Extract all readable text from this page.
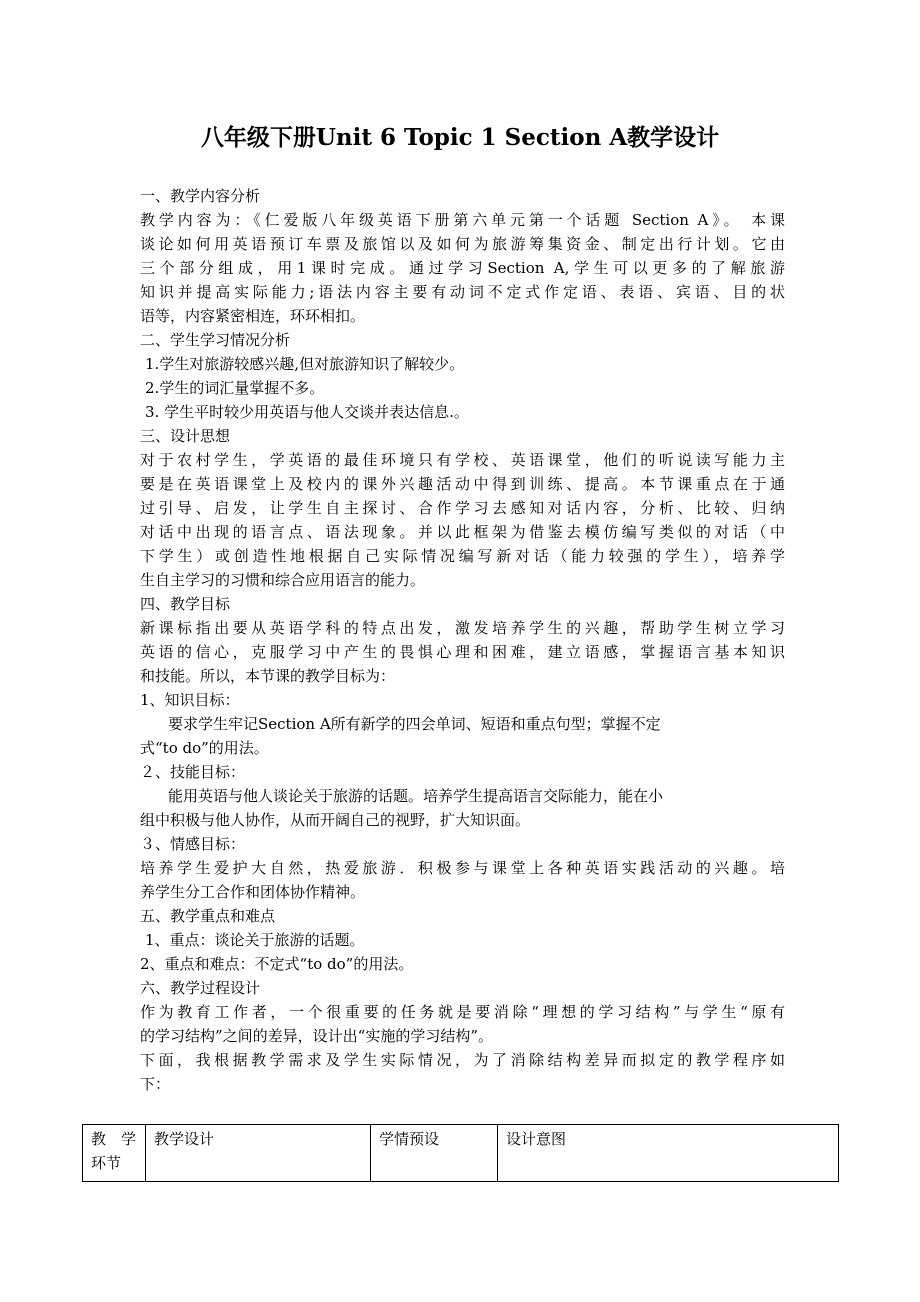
八年级下册Unit 6 Topic 1 Section A教学设计
一、教学内容分析
教学内容为：《仁爱版八年级英语下册第六单元第一个话题 Section A》。 本课
谈论如何用英语预订车票及旅馆以及如何为旅游筹集资金、制定出行计划。它由
三个部分组成，用1课时完成。通过学习Section A,学生可以更多的了解旅游
知识并提高实际能力;语法内容主要有动词不定式作定语、表语、宾语、目的状
语等，内容紧密相连，环环相扣。
二、学生学习情况分析
1.学生对旅游较感兴趣,但对旅游知识了解较少。
2.学生的词汇量掌握不多。
3. 学生平时较少用英语与他人交谈并表达信息.。
三、设计思想
对于农村学生，学英语的最佳环境只有学校、英语课堂，他们的听说读写能力主
要是在英语课堂上及校内的课外兴趣活动中得到训练、提高。本节课重点在于通
过引导、启发，让学生自主探讨、合作学习去感知对话内容，分析、比较、归纳
对话中出现的语言点、语法现象。并以此框架为借鉴去模仿编写类似的对话（中
下学生）或创造性地根据自己实际情况编写新对话（能力较强的学生），培养学
生自主学习的习惯和综合应用语言的能力。
四、教学目标
新课标指出要从英语学科的特点出发，激发培养学生的兴趣，帮助学生树立学习
英语的信心，克服学习中产生的畏惧心理和困难，建立语感，掌握语言基本知识
和技能。所以，本节课的教学目标为：
1、知识目标：
要求学生牢记Section A所有新学的四会单词、短语和重点句型；掌握不定
式“to do”的用法。
２、技能目标：
能用英语与他人谈论关于旅游的话题。培养学生提高语言交际能力，能在小
组中积极与他人协作，从而开阔自己的视野，扩大知识面。
３、情感目标：
培养学生爱护大自然，热爱旅游．积极参与课堂上各种英语实践活动的兴趣。培
养学生分工合作和团体协作精神。
五、教学重点和难点
1、重点：谈论关于旅游的话题。
2、重点和难点：不定式“to do”的用法。
六、教学过程设计
作为教育工作者，一个很重要的任务就是要消除“理想的学习结构”与学生“原有
的学习结构”之间的差异，设计出“实施的学习结构”。
下面，我根据教学需求及学生实际情况，为了消除结构差异而拟定的教学程序如
下：
教　学环节	教学设计	学情预设	设计意图
